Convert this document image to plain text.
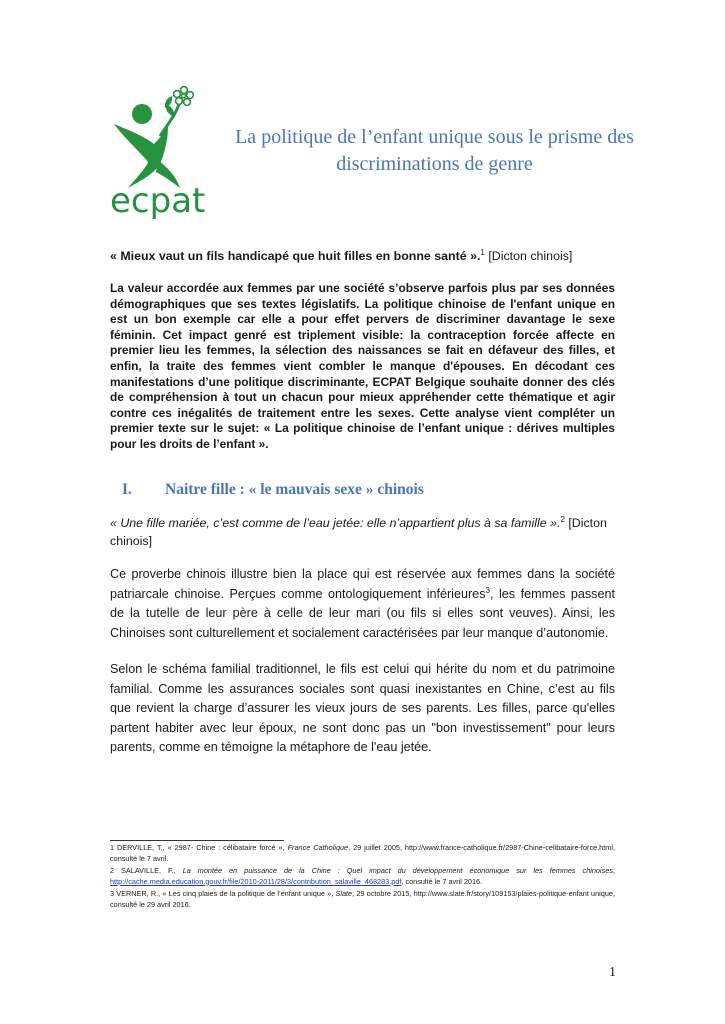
ecpat
La politique de l’enfant unique sous le prisme des discriminations de genre

« Mieux vaut un fils handicapé que huit filles en bonne santé ».$^1$ [Dicton chinois]

La valeur accordée aux femmes par une société s’observe parfois plus par ses données démographiques que ses textes législatifs. La politique chinoise de l'enfant unique en est un bon exemple car elle a pour effet pervers de discriminer davantage le sexe féminin. Cet impact genré est triplement visible: la contraception forcée affecte en premier lieu les femmes, la sélection des naissances se fait en défaveur des filles, et enfin, la traite des femmes vient combler le manque d'épouses. En décodant ces manifestations d’une politique discriminante, ECPAT Belgique souhaite donner des clés de compréhension à tout un chacun pour mieux appréhender cette thématique et agir contre ces inégalités de traitement entre les sexes. Cette analyse vient compléter un premier texte sur le sujet: « La politique chinoise de l’enfant unique : dérives multiples pour les droits de l’enfant ».

I. Naitre fille : « le mauvais sexe » chinois

« Une fille mariée, c’est comme de l’eau jetée: elle n’appartient plus à sa famille ».$^2$ [Dicton chinois]

Ce proverbe chinois illustre bien la place qui est réservée aux femmes dans la société patriarcale chinoise. Perçues comme ontologiquement inférieures$^3$, les femmes passent de la tutelle de leur père à celle de leur mari (ou fils si elles sont veuves). Ainsi, les Chinoises sont culturellement et socialement caractérisées par leur manque d’autonomie.

Selon le schéma familial traditionnel, le fils est celui qui hérite du nom et du patrimoine familial. Comme les assurances sociales sont quasi inexistantes en Chine, c’est au fils que revient la charge d’assurer les vieux jours de ses parents. Les filles, parce qu'elles partent habiter avec leur époux, ne sont donc pas un "bon investissement" pour leurs parents, comme en témoigne la métaphore de l'eau jetée.

1 DERVILLE, T., « 2987- Chine : célibataire forcé », France Catholique, 29 juillet 2005, http://www.france-catholique.fr/2987-Chine-celibataire-force.html, consulté le 7 avril.

2 SALAVILLE, F., La montée en puissance de la Chine : Quel impact du développement économique sur les femmes chinoises, http://cache.media.education.gouv.fr/file/2010-2011/28/3/contribution_salaville_468283.pdf, consulté le 7 avril 2016.

3 VERNER, R., « Les cinq plaies de la politique de l’enfant unique », Slate, 29 octobre 2015, http://www.slate.fr/story/109153/plaies-politique-enfant unique, consulté le 29 avril 2016.

1
